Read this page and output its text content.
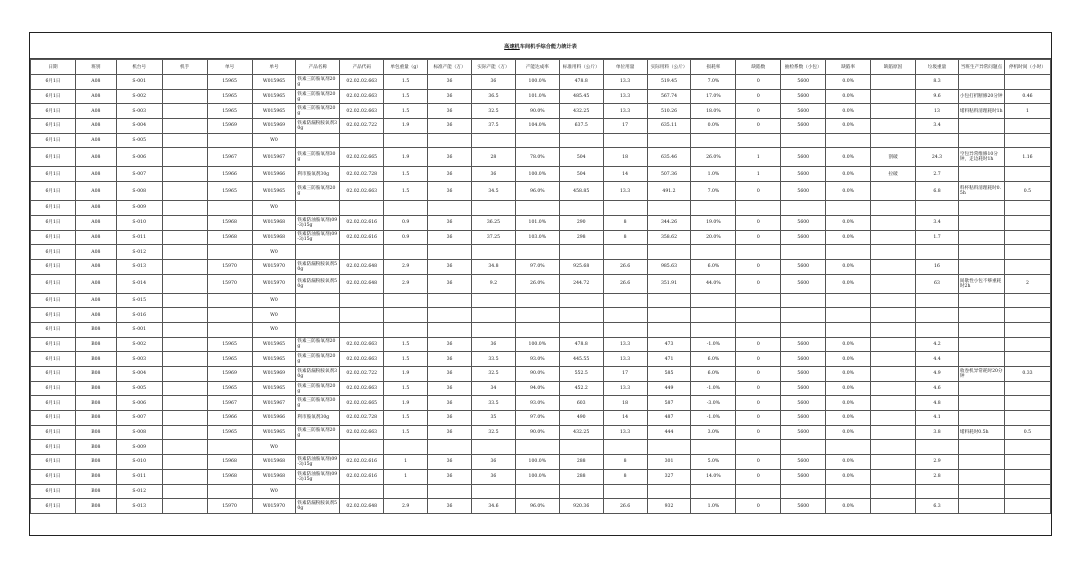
高速机车间机手综合能力统计表
日期	班别	机台号	机手	单号	单号	产品名称	产品代码	单包重量（g）	标准产能（万）	实际产能（万）	产能达成率	标准用料（公斤）	单位用量	实际用料（公斤）	损耗率	缺陷数	抽检系数（小包）	缺陷率	缺陷原因	垃圾重量	当班生产异常问题点	停机时间（小时）
6月1日	A08	S-001		15965	W015965	铁素三防胺氧剂20g	02.02.02.663	1.5	36	36	100.0%	478.8	13.3	519.45	7.0%	0	5600	0.0%		8.3		
6月1日	A08	S-002		15965	W015965	铁素三防胺氧剂20g	02.02.02.663	1.5	36	36.5	101.0%	485.45	13.3	567.74	17.0%	0	5600	0.0%		9.6	小包打折断修20分钟	0.46
6月1日	A08	S-003		15965	W015965	铁素三防胺氧剂20g	02.02.02.663	1.5	36	32.5	90.0%	432.25	13.3	510.26	18.0%	0	5600	0.0%		13	堵料粘料清理耗时1h	1
6月1日	A08	S-004		15969	W015969	铁素防漏粉胺氧剂30g	02.02.02.722	1.9	36	37.5	104.0%	637.5	17	635.11	0.0%	0	5600	0.0%		3.4		
6月1日	A08	S-005			W0																	
6月1日	A08	S-006		15967	W015967	铁素三防胺氧剂30g	02.02.02.665	1.9	36	28	78.0%	504	18	635.46	26.0%	1	5600	0.0%	刮破	24.3	空包异常维修10分钟，走边耗时1h	1.16
6月1日	A08	S-007		15966	W015966	利市胺氧剂30g	02.02.02.728	1.5	36	36	100.0%	504	14	507.36	1.0%	1	5600	0.0%	拉破	2.7		
6月1日	A08	S-008		15965	W015965	铁素三防胺氧剂20g	02.02.02.663	1.5	36	34.5	96.0%	458.85	13.3	491.2	7.0%	0	5600	0.0%		6.8	料杯粘料清理耗时0.5h	0.5
6月1日	A08	S-009			W0																	
6月1日	A08	S-010		15968	W015968	铁素防油胺氧剂(09-3)15g	02.02.02.616	0.9	36	36.25	101.0%	290	8	344.26	19.0%	0	5600	0.0%		3.4		
6月1日	A08	S-011		15968	W015968	铁素防油胺氧剂(09-3)15g	02.02.02.616	0.9	36	37.25	103.0%	298	8	358.62	20.0%	0	5600	0.0%		1.7		
6月1日	A08	S-012			W0																	
6月1日	A08	S-013		15970	W015970	铁素防漏粉胺氧剂50g	02.02.02.648	2.9	36	34.8	97.0%	925.68	26.6	985.63	6.0%	0	5600	0.0%		16		
6月1日	A08	S-014		15970	W015970	铁素防漏粉胺氧剂50g	02.02.02.648	2.9	36	9.2	26.0%	244.72	26.6	351.91	44.0%	0	5600	0.0%		63	间歇性小包不够重耗时2h	2
6月1日	A08	S-015			W0																	
6月1日	A08	S-016			W0																	
6月1日	B08	S-001			W0																	
6月1日	B08	S-002		15965	W015965	铁素三防胺氧剂20g	02.02.02.663	1.5	36	36	100.0%	478.8	13.3	473	-1.0%	0	5600	0.0%		4.2		
6月1日	B08	S-003		15965	W015965	铁素三防胺氧剂20g	02.02.02.663	1.5	36	33.5	93.0%	445.55	13.3	471	6.0%	0	5600	0.0%		4.4		
6月1日	B08	S-004		15969	W015969	铁素防漏粉胺氧剂30g	02.02.02.722	1.9	36	32.5	90.0%	552.5	17	585	6.0%	0	5600	0.0%		4.9	收卷机异常耗时20分钟	0.33
6月1日	B08	S-005		15965	W015965	铁素三防胺氧剂20g	02.02.02.663	1.5	36	34	94.0%	452.2	13.3	449	-1.0%	0	5600	0.0%		4.6		
6月1日	B08	S-006		15967	W015967	铁素三防胺氧剂30g	02.02.02.665	1.9	36	33.5	93.0%	603	18	587	-3.0%	0	5600	0.0%		4.8		
6月1日	B08	S-007		15966	W015966	利市胺氧剂30g	02.02.02.728	1.5	36	35	97.0%	490	14	487	-1.0%	0	5600	0.0%		4.1		
6月1日	B08	S-008		15965	W015965	铁素三防胺氧剂20g	02.02.02.663	1.5	36	32.5	90.0%	432.25	13.3	444	3.0%	0	5600	0.0%		3.8	堵料耗时0.5h	0.5
6月1日	B08	S-009			W0																	
6月1日	B08	S-010		15968	W015968	铁素防油胺氧剂(09-3)15g	02.02.02.616	1	36	36	100.0%	288	8	301	5.0%	0	5600	0.0%		2.9		
6月1日	B08	S-011		15968	W015968	铁素防油胺氧剂(09-3)15g	02.02.02.616	1	36	36	100.0%	288	8	327	14.0%	0	5600	0.0%		2.8		
6月1日	B08	S-012			W0																	
6月1日	B08	S-013		15970	W015970	铁素防漏粉胺氧剂50g	02.02.02.648	2.9	36	34.6	96.0%	920.36	26.6	932	1.0%	0	5600	0.0%		6.3		
